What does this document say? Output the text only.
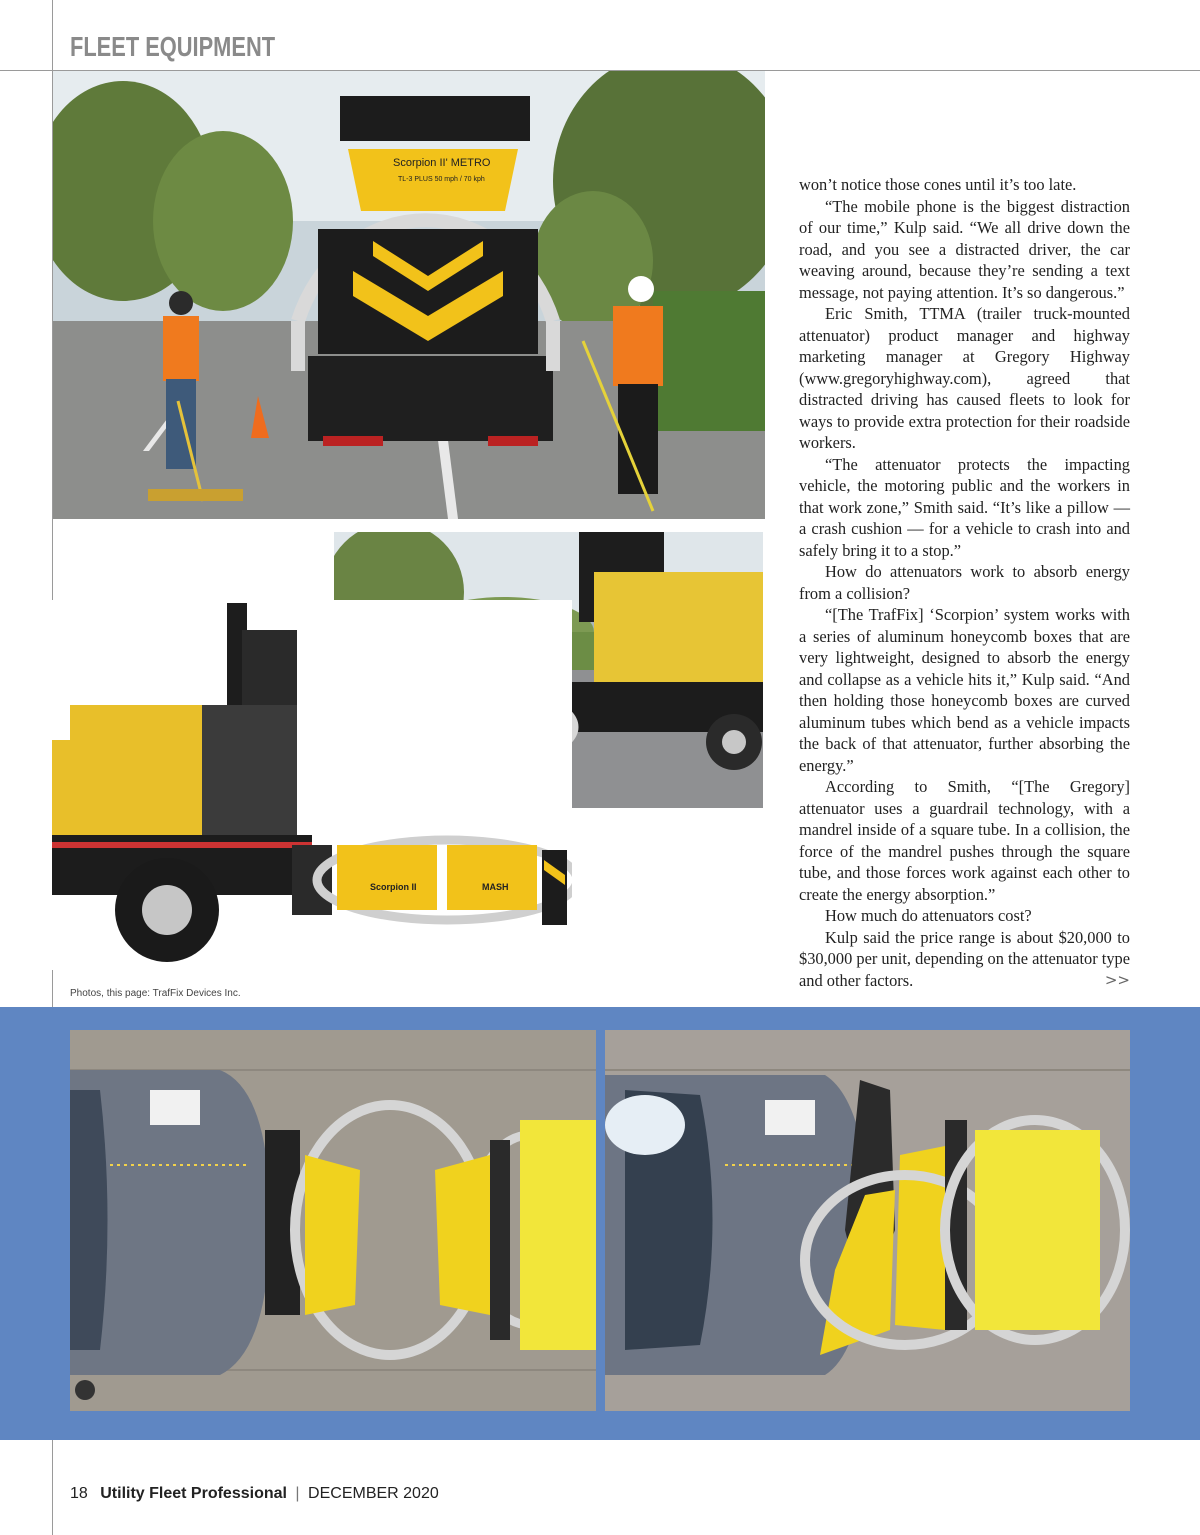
FLEET EQUIPMENT
Scorpion II' METRO
TL-3 PLUS 50 mph / 70 kph
Scorpion II	MASH
Photos, this page: TrafFix Devices Inc.

won’t notice those cones until it’s too late.

“The mobile phone is the biggest distraction of our time,” Kulp said. “We all drive down the road, and you see a distracted driver, the car weaving around, because they’re sending a text message, not paying attention. It’s so dangerous.”

Eric Smith, TTMA (trailer truck-mounted attenuator) product manager and highway marketing manager at Gregory Highway (www.gregoryhighway.com), agreed that distracted driving has caused fleets to look for ways to provide extra protection for their roadside workers.

“The attenuator protects the impacting vehicle, the motoring public and the workers in that work zone,” Smith said. “It’s like a pillow — a crash cushion — for a vehicle to crash into and safely bring it to a stop.”

How do attenuators work to absorb energy from a collision?

“[The TrafFix] ‘Scorpion’ system works with a series of aluminum honeycomb boxes that are very lightweight, designed to absorb the energy and collapse as a vehicle hits it,” Kulp said. “And then holding those honeycomb boxes are curved aluminum tubes which bend as a vehicle impacts the back of that attenuator, further absorbing the energy.”

According to Smith, “[The Gregory] attenuator uses a guardrail technology, with a mandrel inside of a square tube. In a collision, the force of the mandrel pushes through the square tube, and those forces work against each other to create the energy absorption.”

How much do attenuators cost?

Kulp said the price range is about $20,000 to $30,000 per unit, depending on the attenuator type and other factors.	>>

18 Utility Fleet Professional | DECEMBER 2020
